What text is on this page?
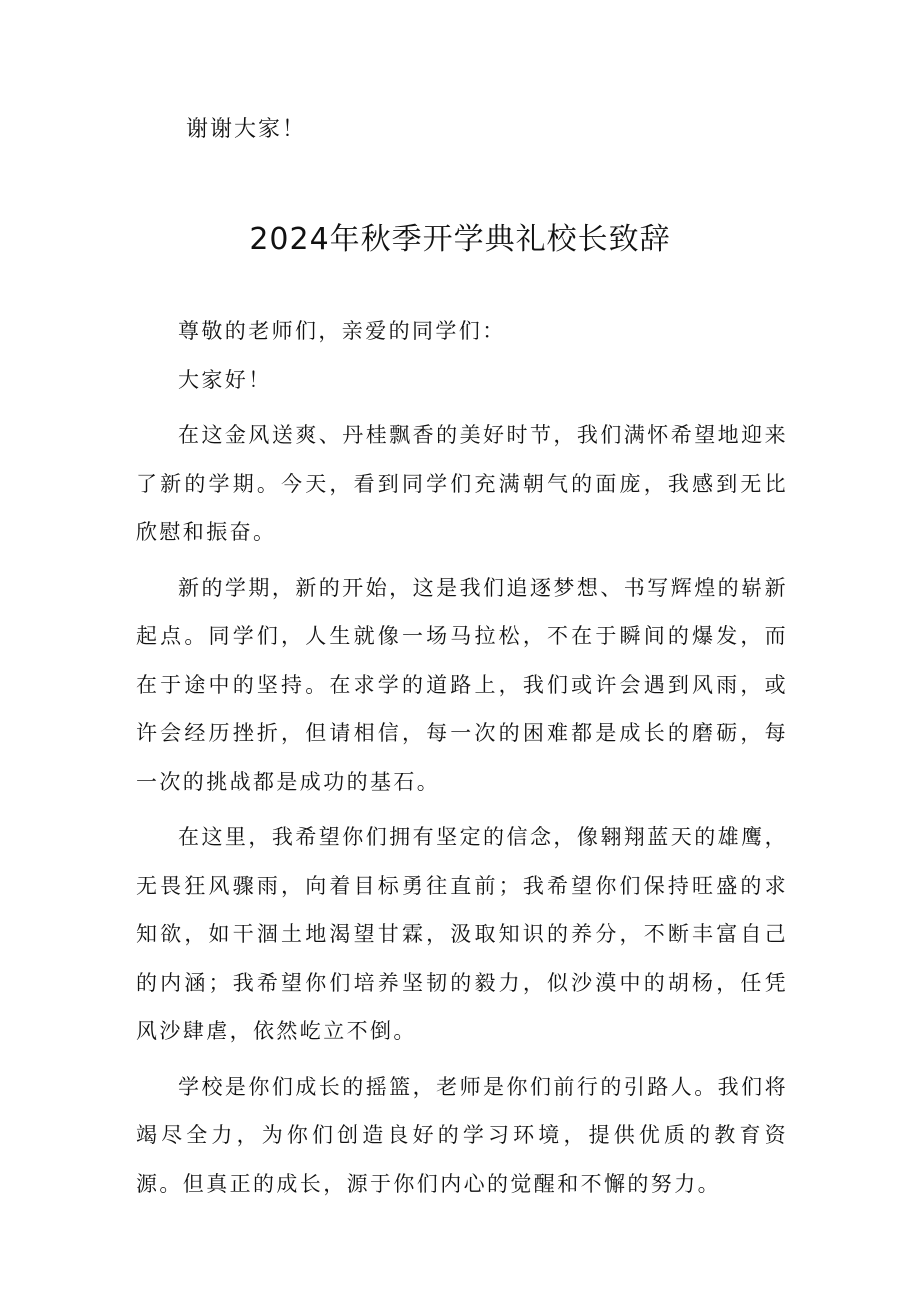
谢谢大家！

2024年秋季开学典礼校长致辞

尊敬的老师们，亲爱的同学们：

大家好！

在这金风送爽、丹桂飘香的美好时节，我们满怀希望地迎来了新的学期。今天，看到同学们充满朝气的面庞，我感到无比欣慰和振奋。

新的学期，新的开始，这是我们追逐梦想、书写辉煌的崭新起点。同学们，人生就像一场马拉松，不在于瞬间的爆发，而在于途中的坚持。在求学的道路上，我们或许会遇到风雨，或许会经历挫折，但请相信，每一次的困难都是成长的磨砺，每一次的挑战都是成功的基石。

在这里，我希望你们拥有坚定的信念，像翱翔蓝天的雄鹰，无畏狂风骤雨，向着目标勇往直前；我希望你们保持旺盛的求知欲，如干涸土地渴望甘霖，汲取知识的养分，不断丰富自己的内涵；我希望你们培养坚韧的毅力，似沙漠中的胡杨，任凭风沙肆虐，依然屹立不倒。

学校是你们成长的摇篮，老师是你们前行的引路人。我们将竭尽全力，为你们创造良好的学习环境，提供优质的教育资源。但真正的成长，源于你们内心的觉醒和不懈的努力。
